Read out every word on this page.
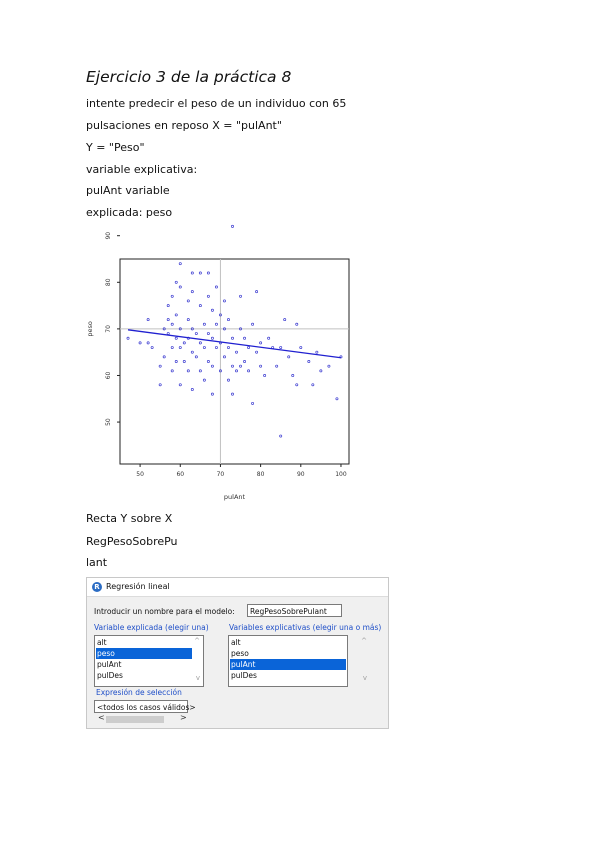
Ejercicio 3 de la práctica 8

intente predecir el peso de un individuo con 65

pulsaciones en reposo X = "pulAnt"

Y = "Peso"

variable explicativa:

pulAnt variable

explicada: peso

50	60	70	80	90	100
50
60
70
80
90
pulAnt
peso

Recta Y sobre X

RegPesoSobrePu

lant

R Regresión lineal
Introducir un nombre para el modelo:	RegPesoSobrePulant
Variable explicada (elegir una)	Variables explicativas (elegir una o más)
alt
peso
pulAnt
pulDes
^
v
alt
peso
pulAnt
pulDes
^
v
Expresión de selección
<todos los casos válidos>
<	>
